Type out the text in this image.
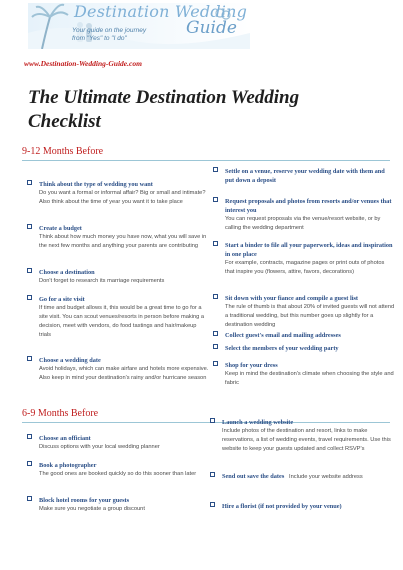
Destination Wedding
Guide
Your guide on the journey from "Yes" to "I do"
www.Destination-Wedding-Guide.com
The Ultimate Destination Wedding
Checklist
9-12 Months Before
Think about the type of wedding you want
Do you want a formal or informal affair? Big or small and intimate? Also think about the time of year you want it to take place
Create a budget
Think about how much money you have now, what you will save in the next few months and anything your parents are contributing
Choose a destination
Don't forget to research its marriage requirements
Go for a site visit
If time and budget allows it, this would be a great time to go for a site visit. You can scout venues/resorts in person before making a decision, meet with vendors, do food tastings and hair/makeup trials
Choose a wedding date
Avoid holidays, which can make airfare and hotels more expensive. Also keep in mind your destination's rainy and/or hurricane season
Settle on a venue, reserve your wedding date with them and put down a deposit
Request proposals and photos from resorts and/or venues that interest you
You can request proposals via the venue/resort website, or by calling the wedding department
Start a binder to file all your paperwork, ideas and inspiration in one place
For example, contracts, magazine pages or print outs of photos that inspire you (flowers, attire, favors, decorations)
Sit down with your fiance and compile a guest list
The rule of thumb is that about 20% of invited guests will not attend a traditional wedding, but this number goes up slightly for a destination wedding
Collect guest's email and mailing addresses
Select the members of your wedding party
Shop for your dress
Keep in mind the destination's climate when choosing the style and fabric
6-9 Months Before
Choose an officiant
Discuss options with your local wedding planner
Book a photographer
The good ones are booked quickly so do this sooner than later
Block hotel rooms for your guests
Make sure you negotiate a group discount
Launch a wedding website
Include photos of the destination and resort, links to make reservations, a list of wedding events, travel requirements. Use this website to keep your guests updated and collect RSVP's
Send out save the dates Include your website address
Hire a florist (if not provided by your venue)
